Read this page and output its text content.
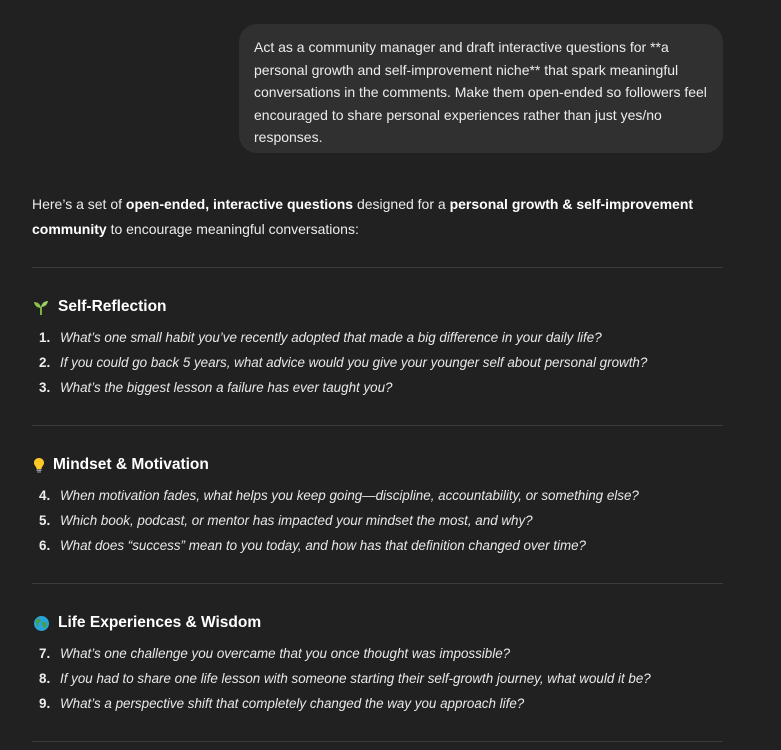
Act as a community manager and draft interactive questions for **a personal growth and self-improvement niche** that spark meaningful conversations in the comments. Make them open-ended so followers feel encouraged to share personal experiences rather than just yes/no responses.

Here’s a set of open-ended, interactive questions designed for a personal growth & self-improvement community to encourage meaningful conversations:

Self-Reflection
1. What’s one small habit you’ve recently adopted that made a big difference in your daily life?
2. If you could go back 5 years, what advice would you give your younger self about personal growth?
3. What’s the biggest lesson a failure has ever taught you?
Mindset & Motivation
4. When motivation fades, what helps you keep going—discipline, accountability, or something else?
5. Which book, podcast, or mentor has impacted your mindset the most, and why?
6. What does “success” mean to you today, and how has that definition changed over time?
Life Experiences & Wisdom
7. What’s one challenge you overcame that you once thought was impossible?
8. If you had to share one life lesson with someone starting their self-growth journey, what would it be?
9. What’s a perspective shift that completely changed the way you approach life?
